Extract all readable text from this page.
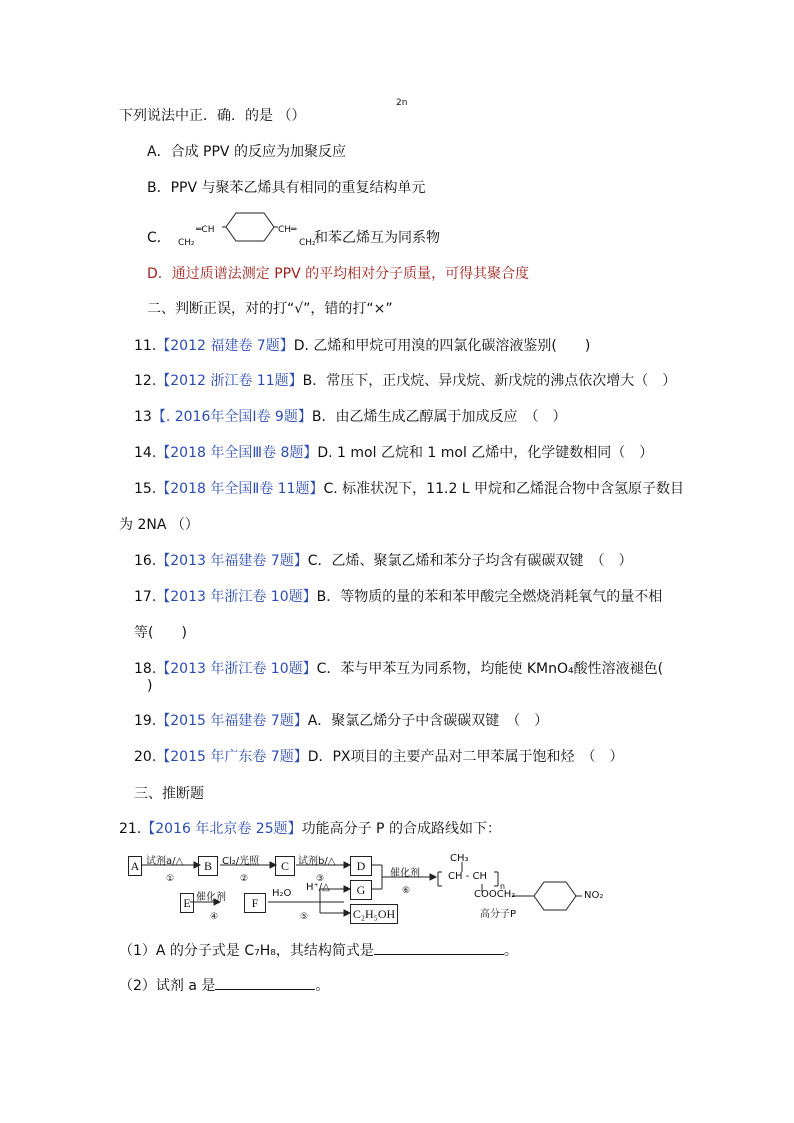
2n
下列说法中正．确．的是 （）
A．合成 PPV 的反应为加聚反应
B．PPV 与聚苯乙烯具有相同的重复结构单元
C． CH₂
═CH	CH═
CH₂
和苯乙烯互为同系物
D．通过质谱法测定 PPV 的平均相对分子质量，可得其聚合度
二、判断正误，对的打“√”，错的打“×”
11.【2012 福建卷 7题】D. 乙烯和甲烷可用溴的四氯化碳溶液鉴别(　　)
12.【2012 浙江卷 11题】B．常压下，正戊烷、异戊烷、新戊烷的沸点依次增大（　）
13【. 2016年全国Ⅰ卷 9题】B．由乙烯生成乙醇属于加成反应　（　）
14.【2018 年全国Ⅲ卷 8题】D. 1 mol 乙烷和 1 mol 乙烯中，化学键数相同（　）
15.【2018 年全国Ⅱ卷 11题】C. 标准状况下，11.2 L 甲烷和乙烯混合物中含氢原子数目
为 2NA （）
16.【2013 年福建卷 7题】C．乙烯、聚氯乙烯和苯分子均含有碳碳双键　（　）
17.【2013 年浙江卷 10题】B．等物质的量的苯和苯甲酸完全燃烧消耗氧气的量不相
等(　　)
18.【2013 年浙江卷 10题】C．苯与甲苯互为同系物，均能使 KMnO₄酸性溶液褪色(
)
19.【2015 年福建卷 7题】A．聚氯乙烯分子中含碳碳双键　（　）
20.【2015 年广东卷 7题】D．PX项目的主要产品对二甲苯属于饱和烃　（　）
三、推断题
21.【2016 年北京卷 25题】功能高分子 P 的合成路线如下：
A	B	C	D
G
C₂H₅OH
E	F
试剂a/△	Cl₂/光照	试剂b/△
催化剂
催化剂	H₂O
H⁺/△
①	②	③
④	⑤
⑥
CH₃
CH - CH
n
COOCH₂	NO₂
高分子P
（1）A 的分子式是 C₇H₈，其结构简式是	。
（2）试剂 a 是	。
